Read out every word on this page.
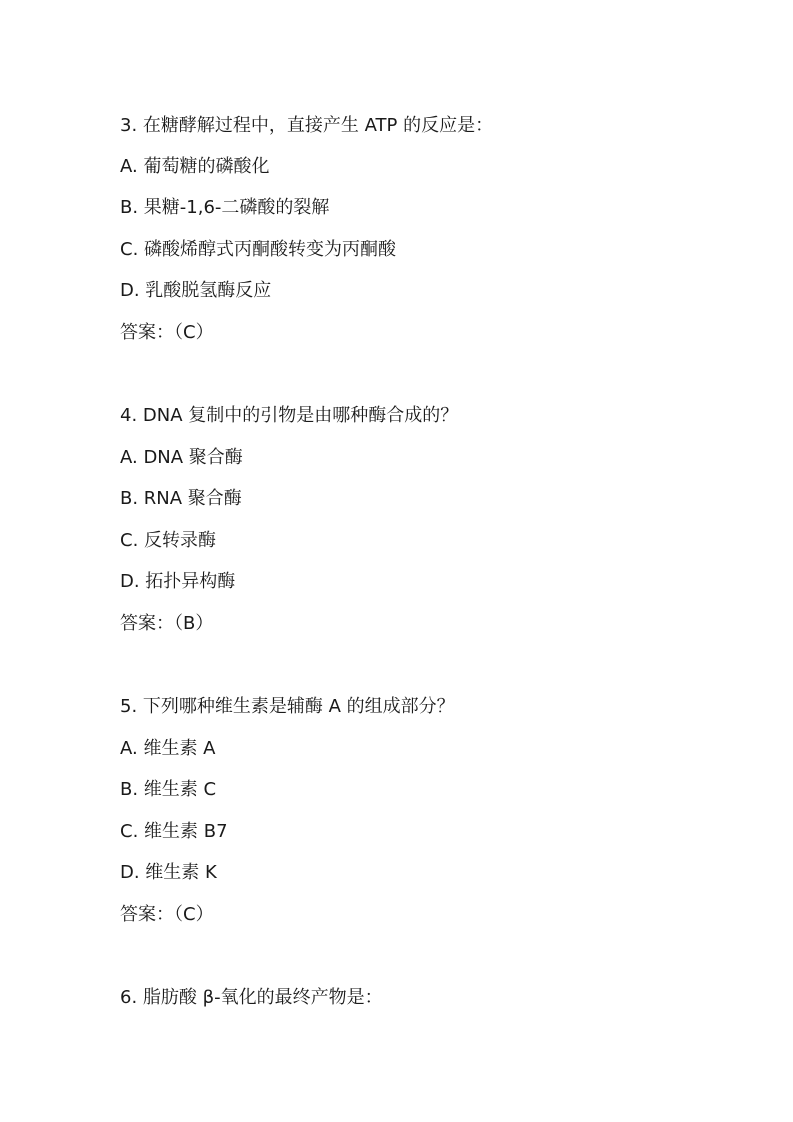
3. 在糖酵解过程中，直接产生 ATP 的反应是：
A. 葡萄糖的磷酸化
B. 果糖-1,6-二磷酸的裂解
C. 磷酸烯醇式丙酮酸转变为丙酮酸
D. 乳酸脱氢酶反应
答案：（C）
4. DNA 复制中的引物是由哪种酶合成的？
A. DNA 聚合酶
B. RNA 聚合酶
C. 反转录酶
D. 拓扑异构酶
答案：（B）
5. 下列哪种维生素是辅酶 A 的组成部分？
A. 维生素 A
B. 维生素 C
C. 维生素 B7
D. 维生素 K
答案：（C）
6. 脂肪酸 β-氧化的最终产物是：
